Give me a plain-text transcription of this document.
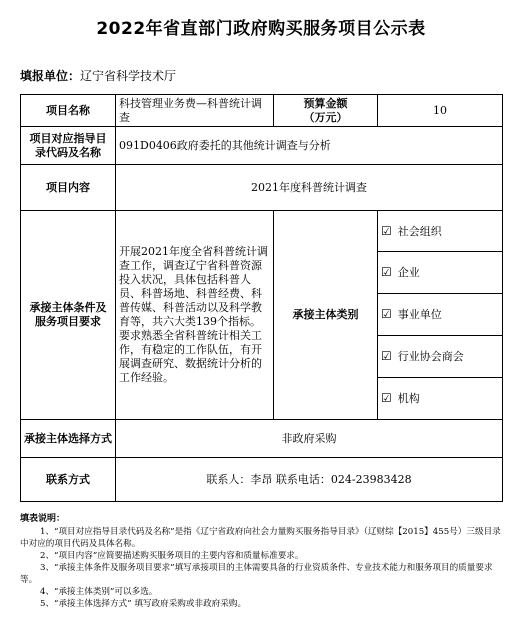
2022年省直部门政府购买服务项目公示表
填报单位：辽宁省科学技术厅
项目名称	科技管理业务费—科普统计调查	预算金额
（万元）	10

项目对应指导目
录代码及名称	091D0406政府委托的其他统计调查与分析		
项目内容	2021年度科普统计调查		

承接主体条件及
服务项目要求	开展2021年度全省科普统计调查工作，调查辽宁省科普资源投入状况，具体包括科普人员、科普场地、科普经费、科普传媒、科普活动以及科学教育等，共六大类139个指标。要求熟悉全省科普统计相关工作，有稳定的工作队伍，有开展调查研究、数据统计分析的工作经验。	承接主体类别	☑ 社会组织
			☑ 企业
			☑ 事业单位
			☑ 行业协会商会
			☑ 机构
承接主体选择方式	非政府采购		
联系方式	联系人：李昂 联系电话：024-23983428		
填表说明：
1、“项目对应指导目录代码及名称”是指《辽宁省政府向社会力量购买服务指导目录》（辽财综【2015】455号）三级目录中对应的项目代码及具体名称。
2、“项目内容”应简要描述购买服务项目的主要内容和质量标准要求。
3、“承接主体条件及服务项目要求”填写承接项目的主体需要具备的行业资质条件、专业技术能力和服务项目的质量要求等。
4、“承接主体类别”可以多选。
5、“承接主体选择方式” 填写政府采购或非政府采购。
